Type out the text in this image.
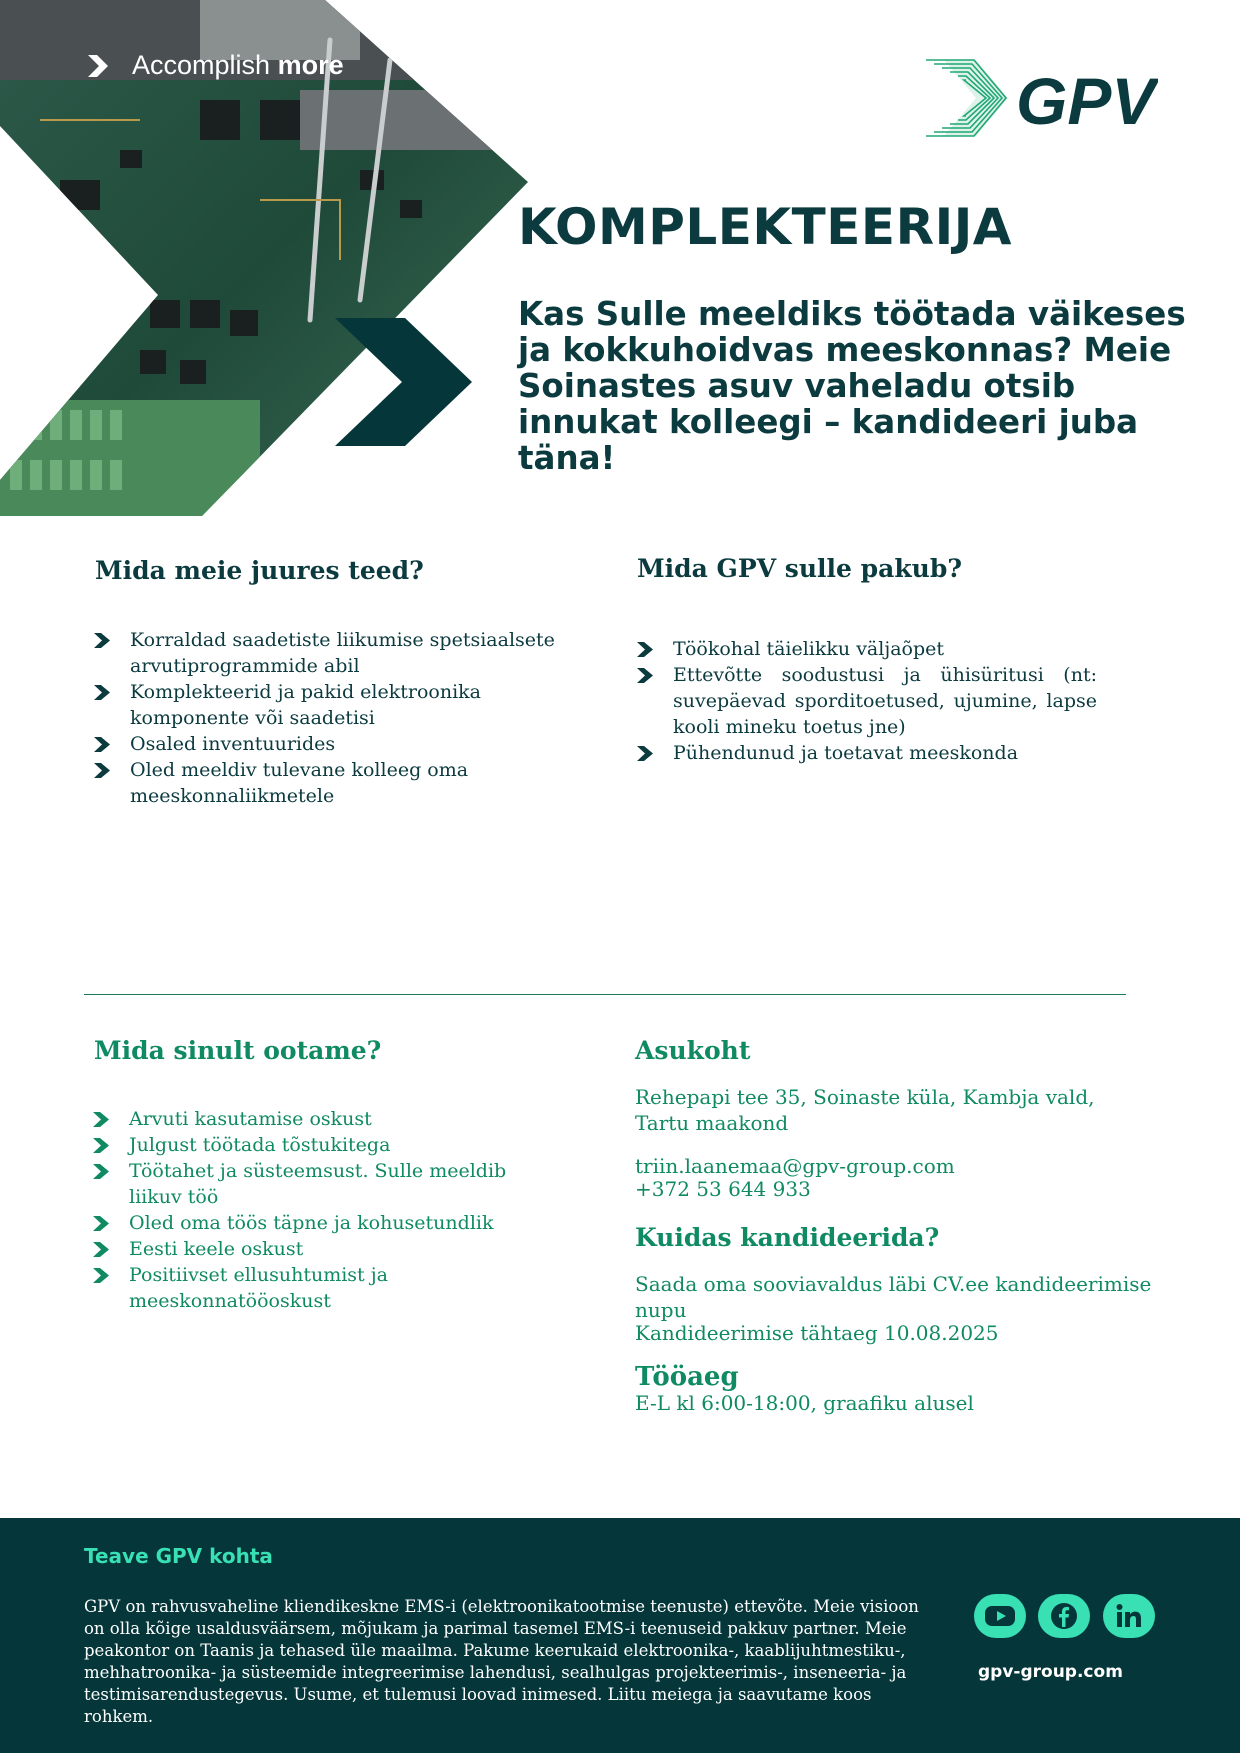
Accomplish
more	GPV
KOMPLEKTEERIJA

Kas Sulle meeldiks töötada väikeses ja kokkuhoidvas meeskonnas? Meie Soinastes asuv vaheladu otsib innukat kolleegi – kandideeri juba täna!

Mida meie juures teed?
Korraldad saadetiste liikumise spetsiaalsete arvutiprogrammide abil
Komplekteerid ja pakid elektroonika komponente või saadetisi
Osaled inventuurides
Oled meeldiv tulevane kolleeg oma meeskonnaliikmetele
Mida GPV sulle pakub?
Töökohal täielikku väljaõpet
Ettevõtte soodustusi ja ühisüritusi (nt: suvepäevad sporditoetused, ujumine, lapse kooli mineku toetus jne)
Pühendunud ja toetavat meeskonda
Mida sinult ootame?
Arvuti kasutamise oskust
Julgust töötada tõstukitega
Töötahet ja süsteemsust. Sulle meeldib liikuv töö
Oled oma töös täpne ja kohusetundlik
Eesti keele oskust
Positiivset ellusuhtumist ja meeskonnatööoskust
Asukoht

Rehepapi tee 35, Soinaste küla, Kambja vald, Tartu maakond

triin.laanemaa@gpv-group.com

+372 53 644 933

Kuidas kandideerida?

Saada oma sooviavaldus läbi CV.ee kandideerimise nupu

Kandideerimise tähtaeg 10.08.2025

Tööaeg

E-L kl 6:00-18:00, graafiku alusel

Teave GPV kohta

GPV on rahvusvaheline kliendikeskne EMS-i (elektroonikatootmise teenuste) ettevõte. Meie visioon on olla kõige usaldusväärsem, mõjukam ja parimal tasemel EMS-i teenuseid pakkuv partner. Meie peakontor on Taanis ja tehased üle maailma. Pakume keerukaid elektroonika-, kaablijuhtmestiku-, mehhatroonika- ja süsteemide integreerimise lahendusi, sealhulgas projekteerimis-, inseneeria- ja testimisarendustegevus. Usume, et tulemusi loovad inimesed. Liitu meiega ja saavutame koos rohkem.

gpv-group.com
